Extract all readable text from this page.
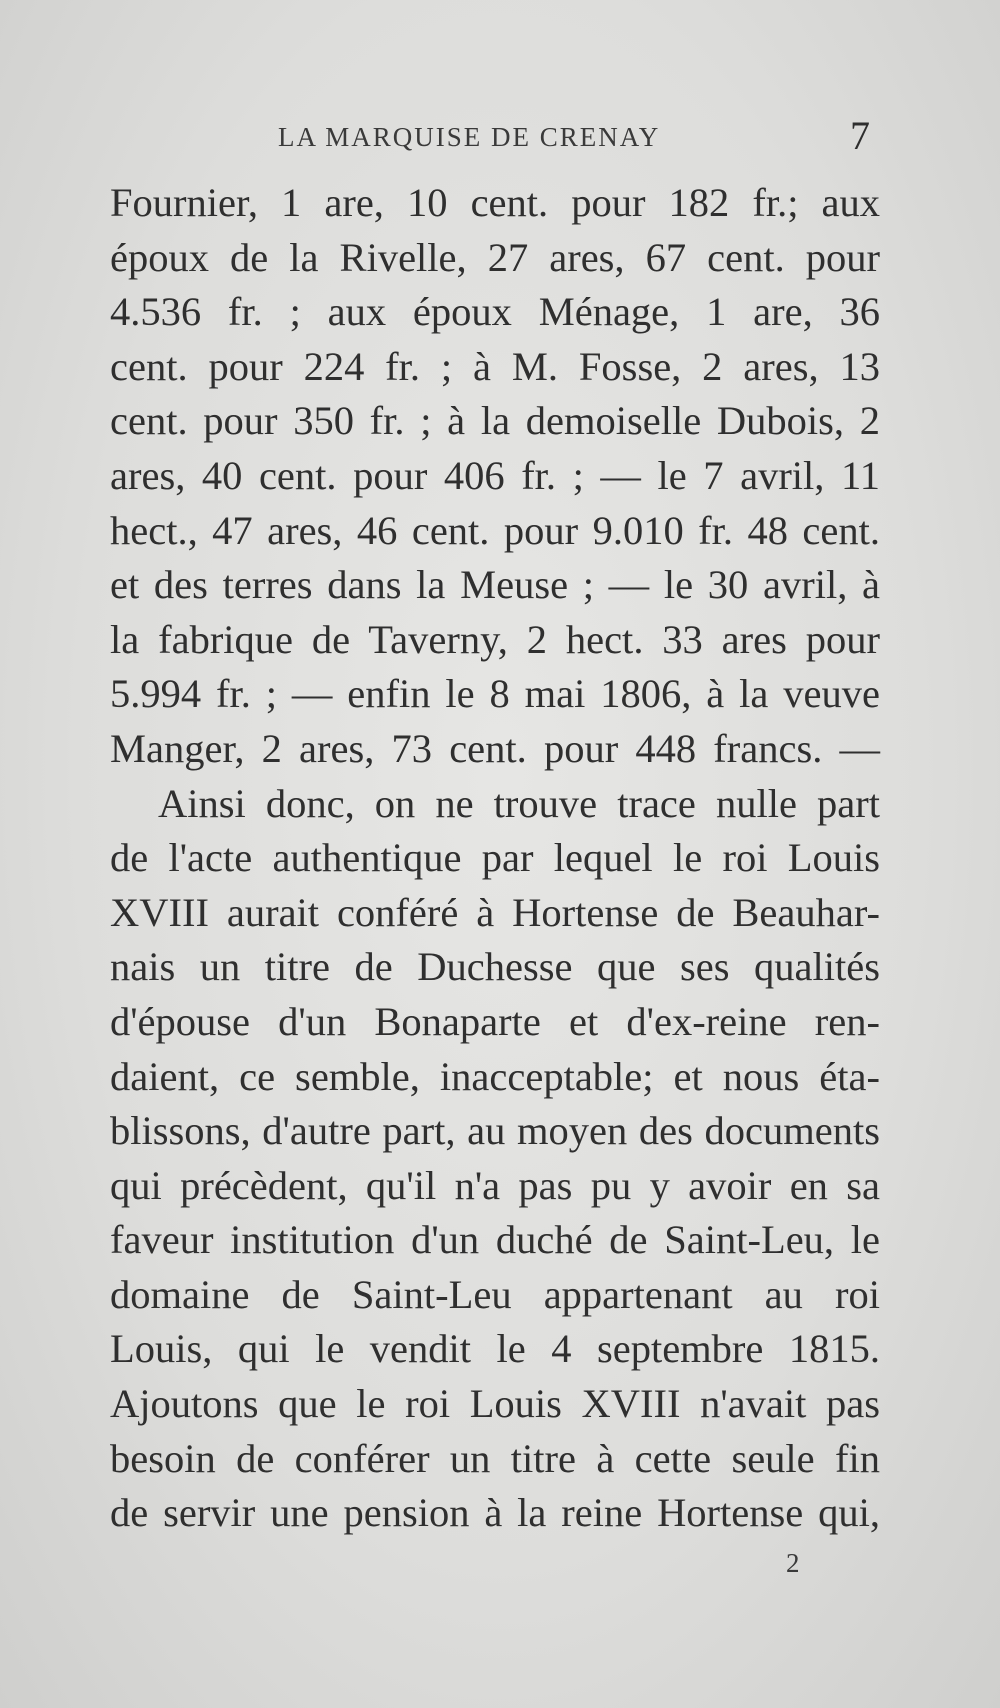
LA MARQUISE DE CRENAY	7
Fournier, 1 are, 10 cent. pour 182 fr.; aux
époux de la Rivelle, 27 ares, 67 cent. pour
4.536 fr. ; aux époux Ménage, 1 are, 36
cent. pour 224 fr. ; à M. Fosse, 2 ares, 13
cent. pour 350 fr. ; à la demoiselle Dubois, 2
ares, 40 cent. pour 406 fr. ; — le 7 avril, 11
hect., 47 ares, 46 cent. pour 9.010 fr. 48 cent.
et des terres dans la Meuse ; — le 30 avril, à
la fabrique de Taverny, 2 hect. 33 ares pour
5.994 fr. ; — enfin le 8 mai 1806, à la veuve
Manger, 2 ares, 73 cent. pour 448 francs. —
Ainsi donc, on ne trouve trace nulle part
de l'acte authentique par lequel le roi Louis
XVIII aurait conféré à Hortense de Beauhar-
nais un titre de Duchesse que ses qualités
d'épouse d'un Bonaparte et d'ex-reine ren-
daient, ce semble, inacceptable; et nous éta-
blissons, d'autre part, au moyen des documents
qui précèdent, qu'il n'a pas pu y avoir en sa
faveur institution d'un duché de Saint-Leu, le
domaine de Saint-Leu appartenant au roi
Louis, qui le vendit le 4 septembre 1815.
Ajoutons que le roi Louis XVIII n'avait pas
besoin de conférer un titre à cette seule fin
de servir une pension à la reine Hortense qui,
2
